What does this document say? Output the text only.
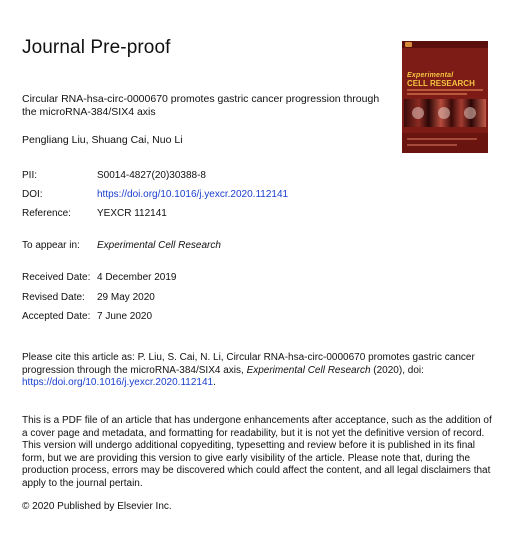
Journal Pre-proof
Experimental
CELL RESEARCH
Circular RNA-hsa-circ-0000670 promotes gastric cancer progression through the microRNA-384/SIX4 axis
Pengliang Liu, Shuang Cai, Nuo Li
PII:	S0014-4827(20)30388-8
DOI:	https://doi.org/10.1016/j.yexcr.2020.112141
Reference:	YEXCR 112141
To appear in: Experimental Cell Research
Received Date: 4 December 2019
Revised Date: 29 May 2020
Accepted Date: 7 June 2020
Please cite this article as: P. Liu, S. Cai, N. Li, Circular RNA-hsa-circ-0000670 promotes gastric cancer progression through the microRNA-384/SIX4 axis, Experimental Cell Research (2020), doi: https://doi.org/10.1016/j.yexcr.2020.112141.
This is a PDF file of an article that has undergone enhancements after acceptance, such as the addition of a cover page and metadata, and formatting for readability, but it is not yet the definitive version of record. This version will undergo additional copyediting, typesetting and review before it is published in its final form, but we are providing this version to give early visibility of the article. Please note that, during the production process, errors may be discovered which could affect the content, and all legal disclaimers that apply to the journal pertain.
© 2020 Published by Elsevier Inc.
